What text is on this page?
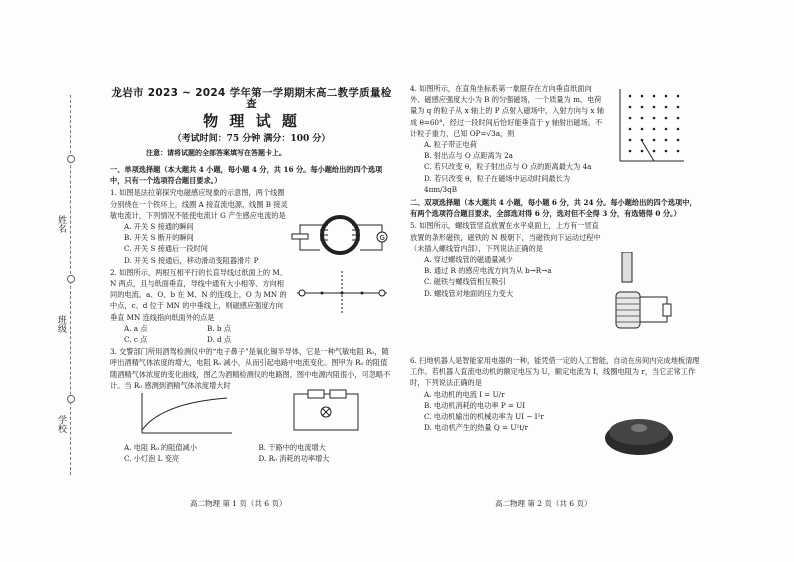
姓名
班级
学校

龙岩市 2023 ~ 2024 学年第一学期期末高二教学质量检查

物 理 试 题

（考试时间：75 分钟 满分：100 分）

注意：请将试题的全部答案填写在答题卡上。

一、单项选择题（本大题共 4 小题，每小题 4 分，共 16 分。每小题给出的四个选项中，只有一个选项符合题目要求。）

1. 如图是法拉第探究电磁感应现象的示意图，两个线圈分别绕在一个铁环上，线圈 A 接直流电源，线圈 B 接灵敏电流计，下列情况不能使电流计 G 产生感应电流的是

A. 开关 S 接通的瞬间

B. 开关 S 断开的瞬间

C. 开关 S 接通后一段时间

D. 开关 S 接通后，移动滑动变阻器滑片 P

2. 如图所示，两根互相平行的长直导线过纸面上的 M、N 两点，且与纸面垂直，导线中通有大小相等、方向相同的电流。a、O、b 在 M、N 的连线上，O 为 MN 的中点，c、d 位于 MN 的中垂线上，则磁感应强度方向垂直 MN 连线指向纸面外的点是

A. a 点	B. b 点
C. c 点	D. d 点

3. 交警部门所用酒驾检测仪中的“电子鼻子”是氧化锡半导体，它是一种气敏电阻 R₀，随呼出酒精气体浓度的增大，电阻 R₀ 减小，从而引起电路中电流变化。图甲为 R₀ 的阻值随酒精气体浓度的变化曲线，图乙为酒精检测仪的电路图，图中电源内阻很小，可忽略不计。当 R₀ 感测到酒精气体浓度增大时

A. 电阻 R₀ 的阻值减小	B. 干路中的电流增大
C. 小灯泡 L 变亮	D. R₀ 消耗的功率增大
G

高二物理 第 1 页（共 6 页）

4. 如图所示，在直角坐标系第一象限存在方向垂直纸面向外、磁感应强度大小为 B 的匀强磁场，一个质量为 m、电荷量为 q 的粒子从 x 轴上的 P 点射入磁场中，入射方向与 x 轴成 θ=60°，经过一段时间后恰好能垂直于 y 轴射出磁场。不计粒子重力，已知 OP=√3a，则

A. 粒子带正电荷

B. 射出点与 O 点距离为 2a

C. 若只改变 θ，粒子射出点与 O 点的距离最大为 4a

D. 若只改变 θ，粒子在磁场中运动时间最长为 4πm/3qB

二、双项选择题（本大题共 4 小题，每小题 6 分，共 24 分。每小题给出的四个选项中，有两个选项符合题目要求，全部选对得 6 分，选对但不全得 3 分，有选错得 0 分。）

5. 如图所示，螺线管竖直放置在水平桌面上，上方有一竖直放置的条形磁铁，磁铁的 N 极朝下，当磁铁向下运动过程中（未插入螺线管内部），下列说法正确的是

A. 穿过螺线管的磁通量减少

B. 通过 R 的感应电流方向为从 b→R→a

C. 磁铁与螺线管相互吸引

D. 螺线管对地面的压力变大

6. 扫地机器人是智能家用电器的一种，能凭借一定的人工智能，自动在房间内完成地板清理工作。若机器人直流电动机的额定电压为 U，额定电流为 I，线圈电阻为 r，当它正常工作时，下列说法正确的是

A. 电动机的电流 I = U/r

B. 电动机消耗的电功率 P = UI

C. 电动机输出的机械功率为 UI − I²r

D. 电动机产生的热量 Q = U²t/r

高二物理 第 2 页（共 6 页）
